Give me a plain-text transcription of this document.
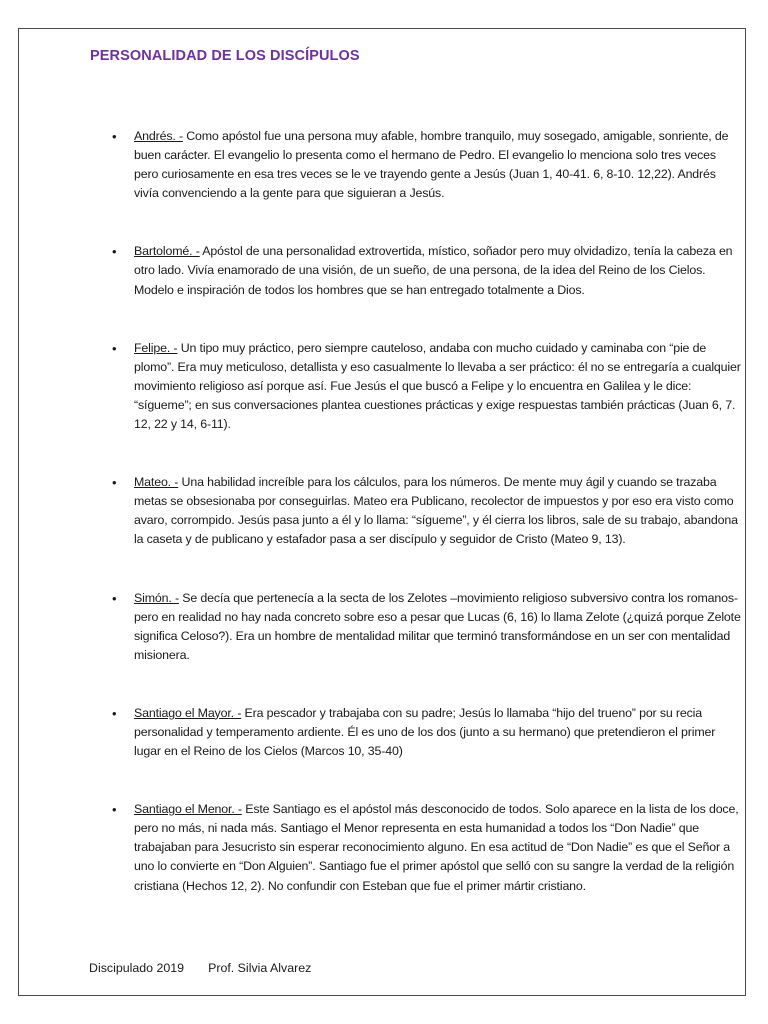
PERSONALIDAD DE LOS DISCÍPULOS
• Andrés. - Como apóstol fue una persona muy afable, hombre tranquilo, muy sosegado, amigable, sonriente, de buen carácter. El evangelio lo presenta como el hermano de Pedro. El evangelio lo menciona solo tres veces pero curiosamente en esa tres veces se le ve trayendo gente a Jesús (Juan 1, 40-41. 6, 8-10. 12,22). Andrés vivía convenciendo a la gente para que siguieran a Jesús.
• Bartolomé. - Apóstol de una personalidad extrovertida, místico, soñador pero muy olvidadizo, tenía la cabeza en otro lado. Vivía enamorado de una visión, de un sueño, de una persona, de la idea del Reino de los Cielos. Modelo e inspiración de todos los hombres que se han entregado totalmente a Dios.
• Felipe. - Un tipo muy práctico, pero siempre cauteloso, andaba con mucho cuidado y caminaba con “pie de plomo”. Era muy meticuloso, detallista y eso casualmente lo llevaba a ser práctico: él no se entregaría a cualquier movimiento religioso así porque así. Fue Jesús el que buscó a Felipe y lo encuentra en Galilea y le dice: “sígueme”; en sus conversaciones plantea cuestiones prácticas y exige respuestas también prácticas (Juan 6, 7. 12, 22 y 14, 6-11).
• Mateo. - Una habilidad increíble para los cálculos, para los números. De mente muy ágil y cuando se trazaba metas se obsesionaba por conseguirlas. Mateo era Publicano, recolector de impuestos y por eso era visto como avaro, corrompido. Jesús pasa junto a él y lo llama: “sígueme”, y él cierra los libros, sale de su trabajo, abandona la caseta y de publicano y estafador pasa a ser discípulo y seguidor de Cristo (Mateo 9, 13).
• Simón. - Se decía que pertenecía a la secta de los Zelotes –movimiento religioso subversivo contra los romanos- pero en realidad no hay nada concreto sobre eso a pesar que Lucas (6, 16) lo llama Zelote (¿quizá porque Zelote significa Celoso?). Era un hombre de mentalidad militar que terminó transformándose en un ser con mentalidad misionera.
• Santiago el Mayor. - Era pescador y trabajaba con su padre; Jesús lo llamaba “hijo del trueno” por su recia personalidad y temperamento ardiente. Él es uno de los dos (junto a su hermano) que pretendieron el primer lugar en el Reino de los Cielos (Marcos 10, 35-40)
• Santiago el Menor. - Este Santiago es el apóstol más desconocido de todos. Solo aparece en la lista de los doce, pero no más, ni nada más. Santiago el Menor representa en esta humanidad a todos los “Don Nadie” que trabajaban para Jesucristo sin esperar reconocimiento alguno. En esa actitud de “Don Nadie” es que el Señor a uno lo convierte en “Don Alguien”. Santiago fue el primer apóstol que selló con su sangre la verdad de la religión cristiana (Hechos 12, 2). No confundir con Esteban que fue el primer mártir cristiano.
Discipulado 2019 Prof. Silvia Alvarez
